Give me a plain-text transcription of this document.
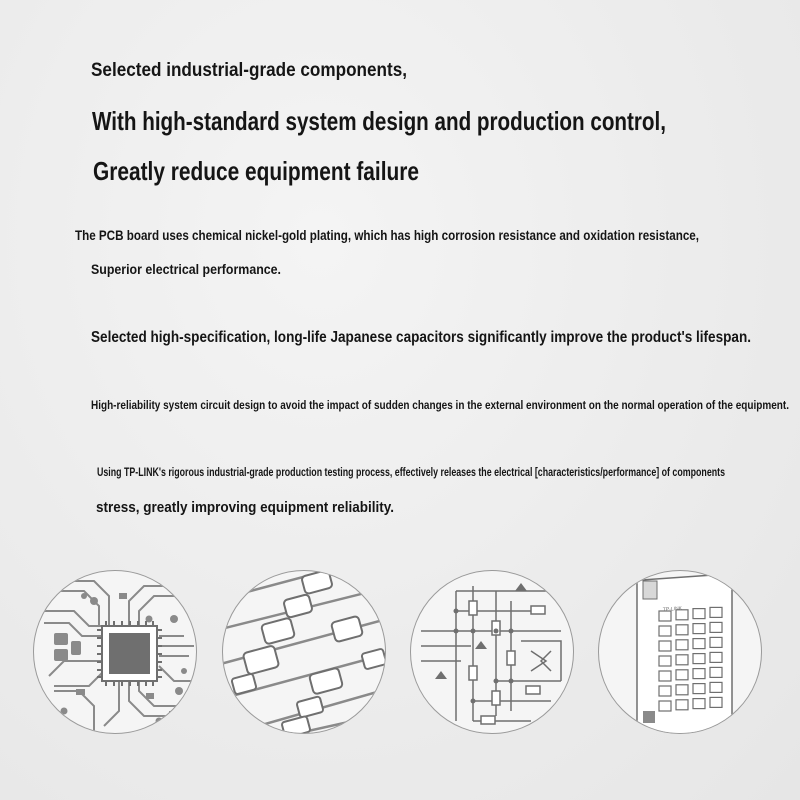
Selected industrial-grade components,
With high-standard system design and production control,
Greatly reduce equipment failure
The PCB board uses chemical nickel-gold plating, which has high corrosion resistance and oxidation resistance,
Superior electrical performance.
Selected high-specification, long-life Japanese capacitors significantly improve the product's lifespan.
High-reliability system circuit design to avoid the impact of sudden changes in the external environment on the normal operation of the equipment.
Using TP-LINK's rigorous industrial-grade production testing process, effectively releases the electrical [characteristics/performance] of components
stress, greatly improving equipment reliability.
TP-LINK
